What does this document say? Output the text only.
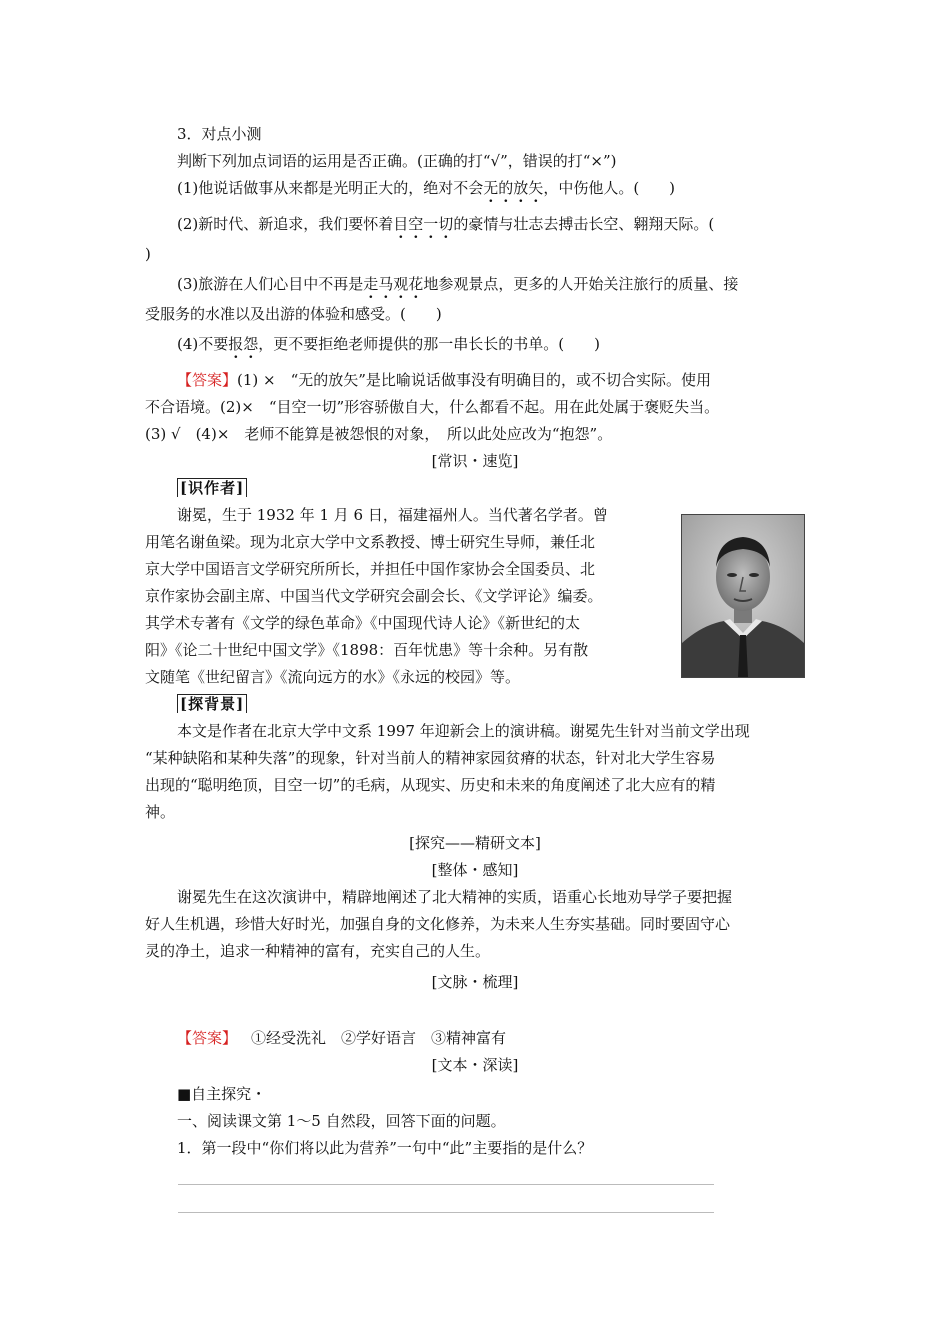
3．对点小测
判断下列加点词语的运用是否正确。(正确的打“√”，错误的打“×”)
(1)他说话做事从来都是光明正大的，绝对不会无的放矢，中伤他人。( )
(2)新时代、新追求，我们要怀着目空一切的豪情与壮志去搏击长空、翱翔天际。(
)
(3)旅游在人们心目中不再是走马观花地参观景点，更多的人开始关注旅行的质量、接
受服务的水准以及出游的体验和感受。( )
(4)不要报怨，更不要拒绝老师提供的那一串长长的书单。( )
【答案】(1) ×　“无的放矢”是比喻说话做事没有明确目的，或不切合实际。使用
不合语境。(2)×　“目空一切”形容骄傲自大，什么都看不起。用在此处属于褒贬失当。
(3) √　(4)×　老师不能算是被怨恨的对象，　所以此处应改为“抱怨”。
[常识・速览]
[识作者]
谢冕，生于 1932 年 1 月 6 日，福建福州人。当代著名学者。曾
用笔名谢鱼梁。现为北京大学中文系教授、博士研究生导师，兼任北
京大学中国语言文学研究所所长，并担任中国作家协会全国委员、北
京作家协会副主席、中国当代文学研究会副会长、《文学评论》编委。
其学术专著有《文学的绿色革命》《中国现代诗人论》《新世纪的太
阳》《论二十世纪中国文学》《1898：百年忧患》等十余种。另有散
文随笔《世纪留言》《流向远方的水》《永远的校园》等。
[探背景]
本文是作者在北京大学中文系 1997 年迎新会上的演讲稿。谢冕先生针对当前文学出现
“某种缺陷和某种失落”的现象，针对当前人的精神家园贫瘠的状态，针对北大学生容易
出现的“聪明绝顶，目空一切”的毛病，从现实、历史和未来的角度阐述了北大应有的精
神。
[探究——精研文本]
[整体・感知]
谢冕先生在这次演讲中，精辟地阐述了北大精神的实质，语重心长地劝导学子要把握
好人生机遇，珍惜大好时光，加强自身的文化修养，为未来人生夯实基础。同时要固守心
灵的净土，追求一种精神的富有，充实自己的人生。
[文脉・梳理]
【答案】 ①经受洗礼　②学好语言　③精神富有
[文本・深读]
■自主探究・
一、阅读课文第 1～5 自然段，回答下面的问题。
1．第一段中“你们将以此为营养”一句中“此”主要指的是什么？
